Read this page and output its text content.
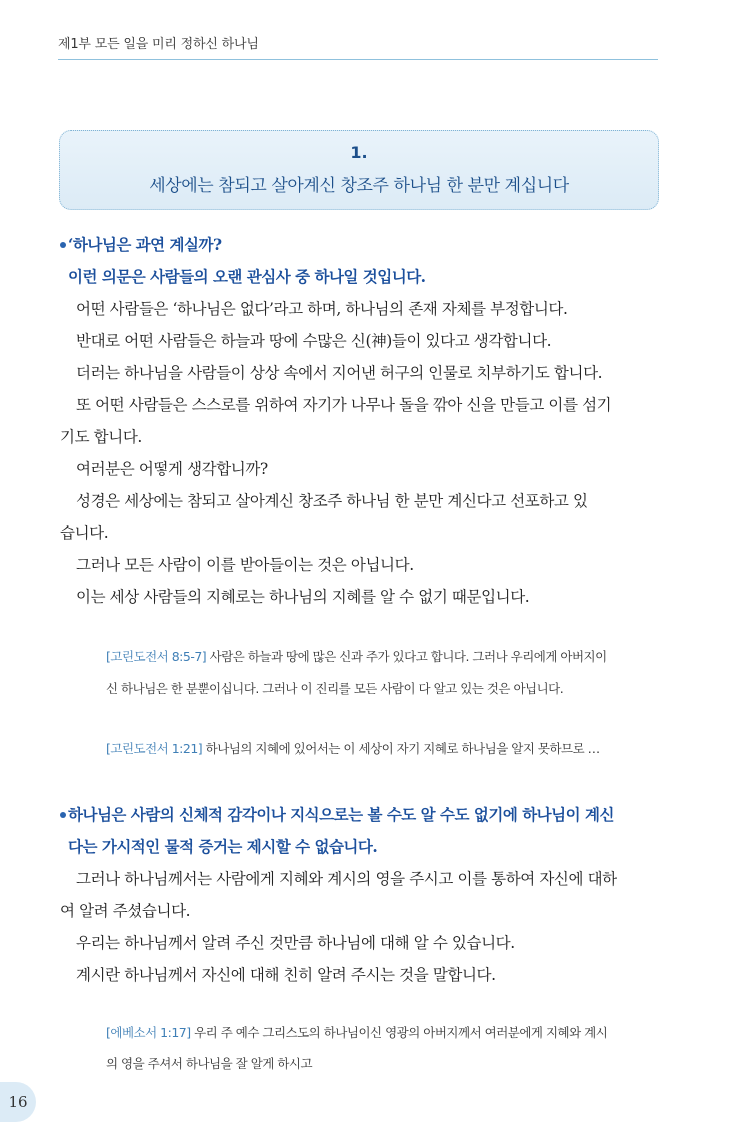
제1부 모든 일을 미리 정하신 하나님
1.
세상에는 참되고 살아계신 창조주 하나님 한 분만 계십니다
‘하나님은 과연 계실까?
이런 의문은 사람들의 오랜 관심사 중 하나일 것입니다.
어떤 사람들은 ‘하나님은 없다’라고 하며, 하나님의 존재 자체를 부정합니다.
반대로 어떤 사람들은 하늘과 땅에 수많은 신(神)들이 있다고 생각합니다.
더러는 하나님을 사람들이 상상 속에서 지어낸 허구의 인물로 치부하기도 합니다.
또 어떤 사람들은 스스로를 위하여 자기가 나무나 돌을 깎아 신을 만들고 이를 섬기
기도 합니다.
여러분은 어떻게 생각합니까?
성경은 세상에는 참되고 살아계신 창조주 하나님 한 분만 계신다고 선포하고 있
습니다.
그러나 모든 사람이 이를 받아들이는 것은 아닙니다.
이는 세상 사람들의 지혜로는 하나님의 지혜를 알 수 없기 때문입니다.
[고린도전서 8:5-7] 사람은 하늘과 땅에 많은 신과 주가 있다고 합니다. 그러나 우리에게 아버지이
신 하나님은 한 분뿐이십니다. 그러나 이 진리를 모든 사람이 다 알고 있는 것은 아닙니다.
[고린도전서 1:21] 하나님의 지혜에 있어서는 이 세상이 자기 지혜로 하나님을 알지 못하므로 …
하나님은 사람의 신체적 감각이나 지식으로는 볼 수도 알 수도 없기에 하나님이 계신
다는 가시적인 물적 증거는 제시할 수 없습니다.
그러나 하나님께서는 사람에게 지혜와 계시의 영을 주시고 이를 통하여 자신에 대하
여 알려 주셨습니다.
우리는 하나님께서 알려 주신 것만큼 하나님에 대해 알 수 있습니다.
계시란 하나님께서 자신에 대해 친히 알려 주시는 것을 말합니다.
[에베소서 1:17] 우리 주 예수 그리스도의 하나님이신 영광의 아버지께서 여러분에게 지혜와 계시
의 영을 주셔서 하나님을 잘 알게 하시고
16
